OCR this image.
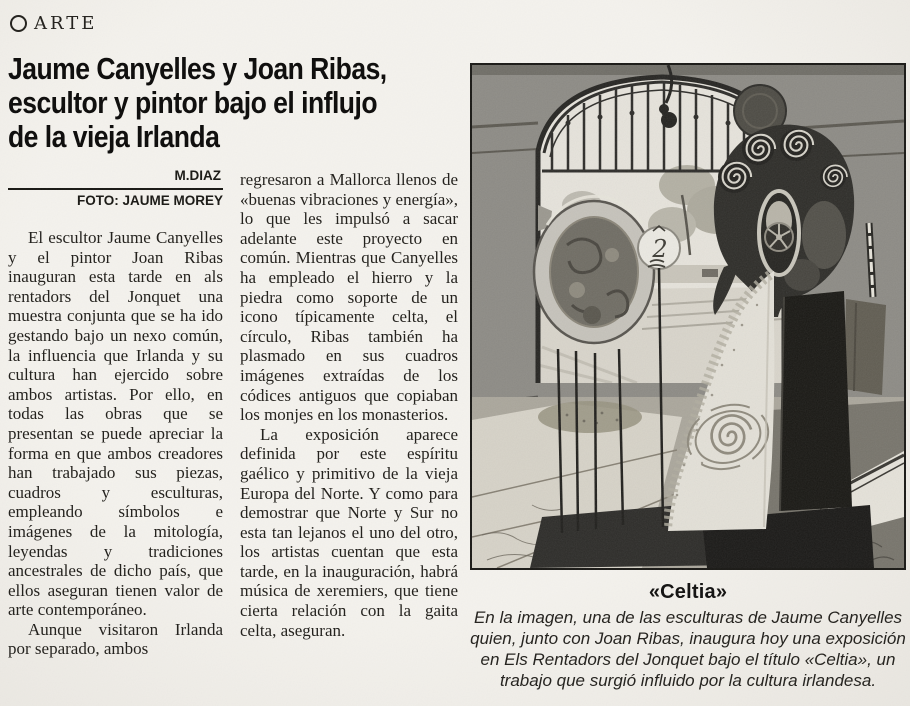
ARTE
Jaume Canyelles y Joan Ribas,
escultor y pintor bajo el influjo
de la vieja Irlanda
M.DIAZ
FOTO: JAUME MOREY

El escultor Jaume Canyelles y el pintor Joan Ribas inauguran esta tarde en als rentadors del Jonquet una muestra conjunta que se ha ido gestando bajo un nexo común, la influencia que Irlanda y su cultura han ejercido sobre ambos artistas. Por ello, en todas las obras que se presentan se puede apreciar la forma en que ambos creadores han trabajado sus piezas, cuadros y esculturas, empleando símbolos e imágenes de la mitología, leyendas y tradiciones ancestrales de dicho país, que ellos aseguran tienen valor de arte contemporáneo.

Aunque visitaron Irlanda por separado, ambos

regresaron a Mallorca llenos de «buenas vibraciones y energía», lo que les impulsó a sacar adelante este proyecto en común. Mientras que Canyelles ha empleado el hierro y la piedra como soporte de un icono típicamente celta, el círculo, Ribas también ha plasmado en sus cuadros imágenes extraídas de los códices antiguos que copiaban los monjes en los monasterios.

La exposición aparece definida por este espíritu gaélico y primitivo de la vieja Europa del Norte. Y como para demostrar que Norte y Sur no esta tan lejanos el uno del otro, los artistas cuentan que esta tarde, en la inauguración, habrá música de xeremiers, que tiene cierta relación con la gaita celta, aseguran.

2
«Celtia»
En la imagen, una de las esculturas de Jaume Canyelles quien, junto con Joan Ribas, inaugura hoy una exposición en Els Rentadors del Jonquet bajo el título «Celtia», un trabajo que surgió influido por la cultura irlandesa.
